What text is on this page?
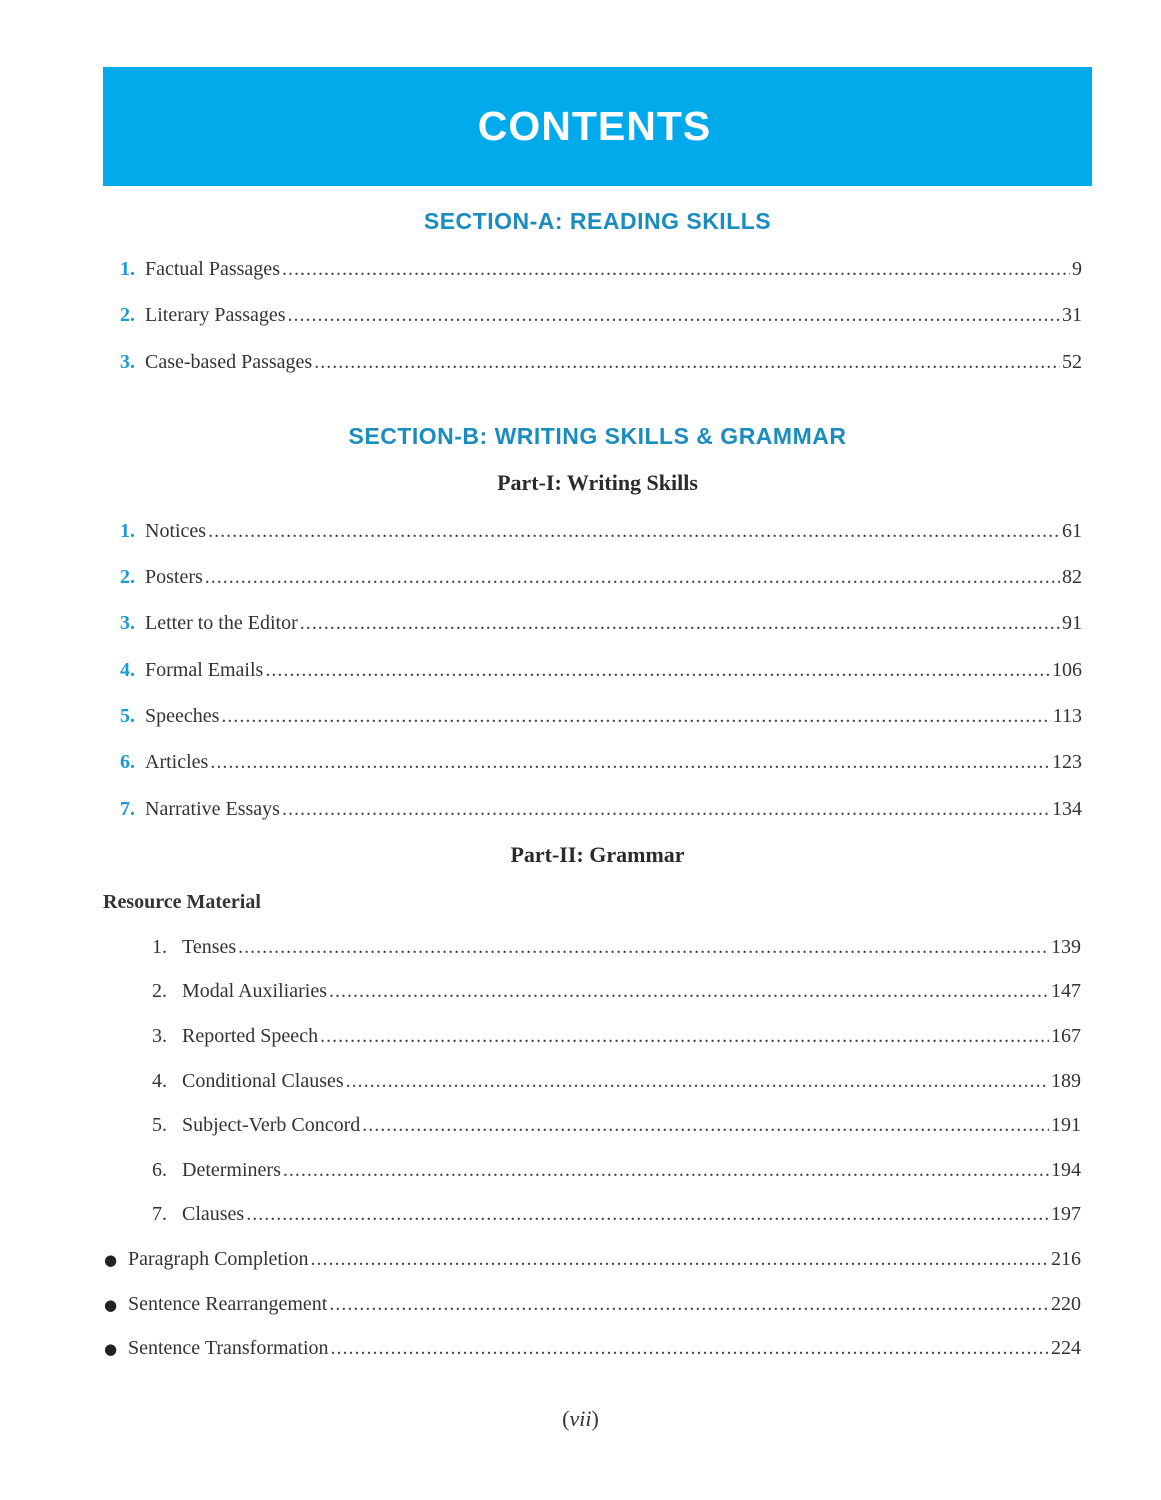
CONTENTS
SECTION-A: READING SKILLS
1. Factual Passages .....	9
2. Literary Passages .....	31
3. Case-based Passages .....	52
SECTION-B: WRITING SKILLS & GRAMMAR
Part-I: Writing Skills
1. Notices .....	61
2. Posters .....	82
3. Letter to the Editor .....	91
4. Formal Emails .....	106
5. Speeches .....	113
6. Articles .....	123
7. Narrative Essays .....	134
Part-II: Grammar
Resource Material
1. Tenses .....	139
2. Modal Auxiliaries .....	147
3. Reported Speech .....	167
4. Conditional Clauses .....	189
5. Subject-Verb Concord .....	191
6. Determiners .....	194
7. Clauses .....	197
● Paragraph Completion .....	216
● Sentence Rearrangement .....	220
● Sentence Transformation .....	224
(vii)
